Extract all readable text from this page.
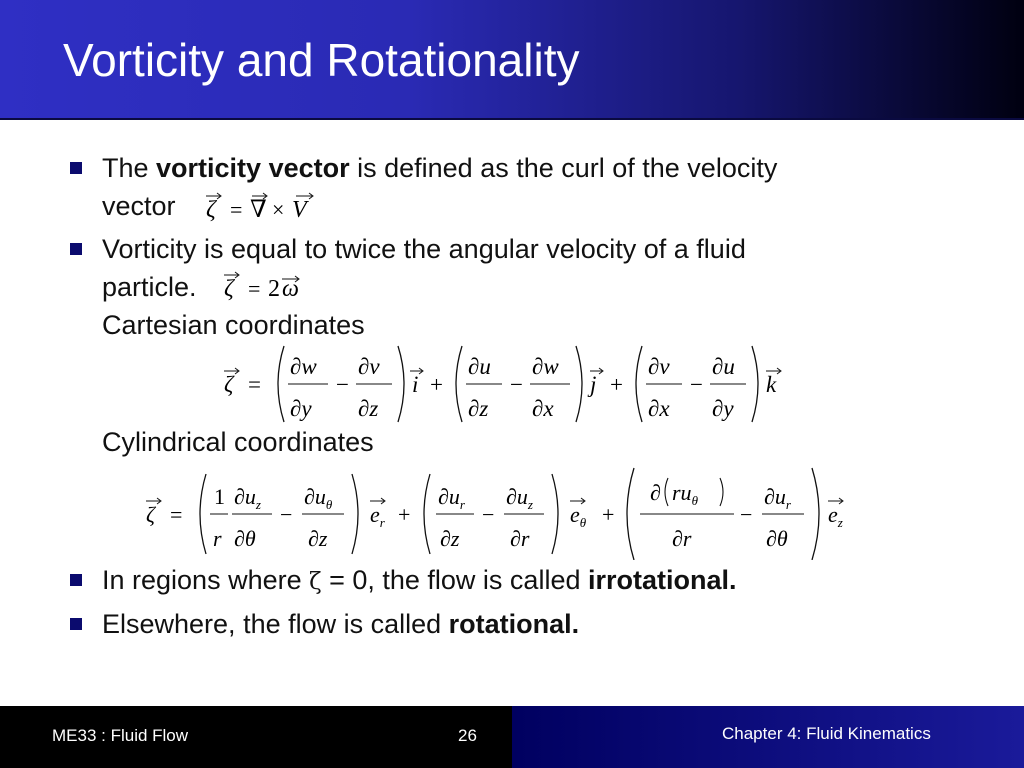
Vorticity and Rotationality
The vorticity vector is defined as the curl of the velocity
vector ζ = ∇ × V
Vorticity is equal to twice the angular velocity of a fluid
particle. ζ = 2 ω
Cartesian coordinates
ζ =
∂w
∂y
−
∂v
∂z
i +
∂u
∂z
−
∂w
∂x
j +
∂v
∂x
−
∂u
∂y
k
Cylindrical coordinates
ζ =
1
r
$\partial u_z$
∂θ
−
$\partial u_\theta$
∂z
$e_r$ +
$\partial u_r$
∂z
−
$\partial u_z$
∂r
$e_\theta$ +
∂ $ru_\theta$
∂r
−
$\partial u_r$
∂θ
$e_z$
In regions where ζ = 0, the flow is called irrotational.
Elsewhere, the flow is called rotational.
ME33 : Fluid Flow	26	Chapter 4: Fluid Kinematics
